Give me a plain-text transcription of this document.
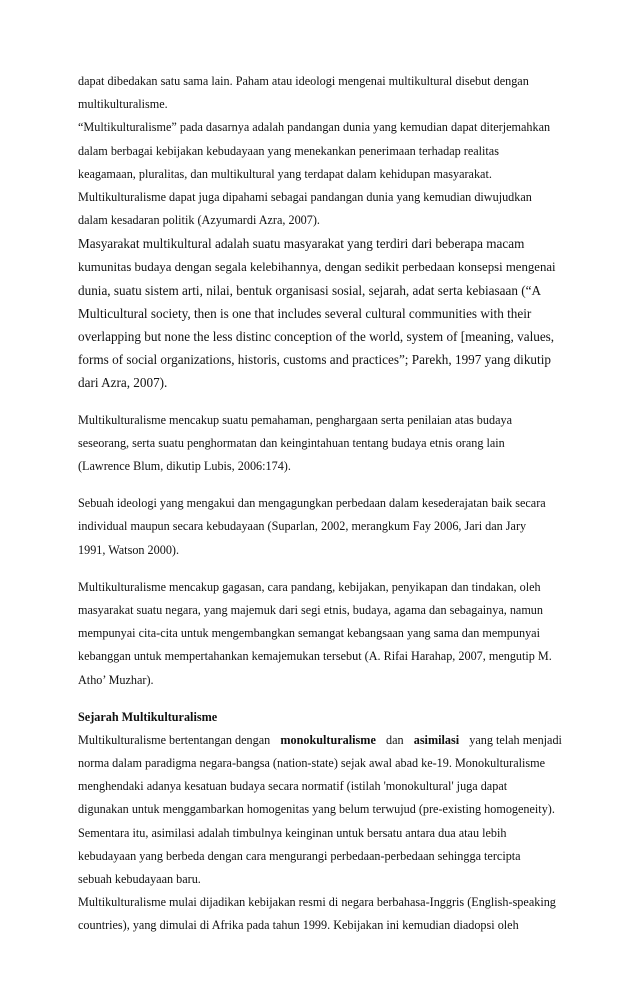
dapat dibedakan satu sama lain. Paham atau ideologi mengenai multikultural disebut dengan
multikulturalisme.
“Multikulturalisme” pada dasarnya adalah pandangan dunia yang kemudian dapat diterjemahkan
dalam berbagai kebijakan kebudayaan yang menekankan penerimaan terhadap realitas
keagamaan, pluralitas, dan multikultural yang terdapat dalam kehidupan masyarakat.
Multikulturalisme dapat juga dipahami sebagai pandangan dunia yang kemudian diwujudkan
dalam kesadaran politik (Azyumardi Azra, 2007).
Masyarakat multikultural adalah suatu masyarakat yang terdiri dari beberapa macam
kumunitas budaya dengan segala kelebihannya, dengan sedikit perbedaan konsepsi mengenai
dunia, suatu sistem arti, nilai, bentuk organisasi sosial, sejarah, adat serta kebiasaan (“A
Multicultural society, then is one that includes several cultural communities with their
overlapping but none the less distinc conception of the world, system of [meaning, values,
forms of social organizations, historis, customs and practices”; Parekh, 1997 yang dikutip
dari Azra, 2007).
Multikulturalisme mencakup suatu pemahaman, penghargaan serta penilaian atas budaya
seseorang, serta suatu penghormatan dan keingintahuan tentang budaya etnis orang lain
(Lawrence Blum, dikutip Lubis, 2006:174).
Sebuah ideologi yang mengakui dan mengagungkan perbedaan dalam kesederajatan baik secara
individual maupun secara kebudayaan (Suparlan, 2002, merangkum Fay 2006, Jari dan Jary
1991, Watson 2000).
Multikulturalisme mencakup gagasan, cara pandang, kebijakan, penyikapan dan tindakan, oleh
masyarakat suatu negara, yang majemuk dari segi etnis, budaya, agama dan sebagainya, namun
mempunyai cita-cita untuk mengembangkan semangat kebangsaan yang sama dan mempunyai
kebanggan untuk mempertahankan kemajemukan tersebut (A. Rifai Harahap, 2007, mengutip M.
Atho’ Muzhar).
Sejarah Multikulturalisme
Multikulturalisme bertentangan dengan monokulturalisme dan asimilasi yang telah menjadi
norma dalam paradigma negara-bangsa (nation-state) sejak awal abad ke-19. Monokulturalisme
menghendaki adanya kesatuan budaya secara normatif (istilah 'monokultural' juga dapat
digunakan untuk menggambarkan homogenitas yang belum terwujud (pre-existing homogeneity).
Sementara itu, asimilasi adalah timbulnya keinginan untuk bersatu antara dua atau lebih
kebudayaan yang berbeda dengan cara mengurangi perbedaan-perbedaan sehingga tercipta
sebuah kebudayaan baru.
Multikulturalisme mulai dijadikan kebijakan resmi di negara berbahasa-Inggris (English-speaking
countries), yang dimulai di Afrika pada tahun 1999. Kebijakan ini kemudian diadopsi oleh
